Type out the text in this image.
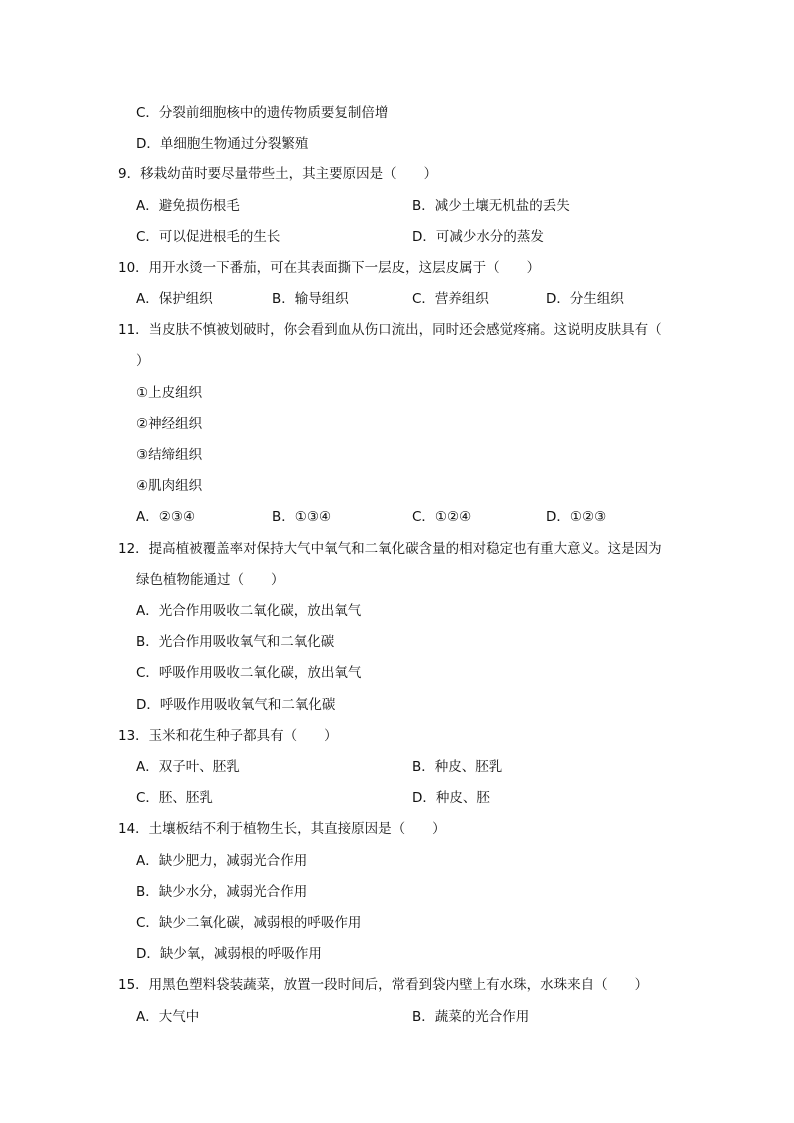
C．分裂前细胞核中的遗传物质要复制倍增
D．单细胞生物通过分裂繁殖
9．移栽幼苗时要尽量带些土，其主要原因是（　　）
A．避免损伤根毛	B．减少土壤无机盐的丢失
C．可以促进根毛的生长	D．可减少水分的蒸发
10．用开水烫一下番茄，可在其表面撕下一层皮，这层皮属于（　　）
A．保护组织	B．输导组织	C．营养组织	D．分生组织
11．当皮肤不慎被划破时，你会看到血从伤口流出，同时还会感觉疼痛。这说明皮肤具有（
）
①上皮组织
②神经组织
③结缔组织
④肌肉组织
A．②③④	B．①③④	C．①②④	D．①②③
12．提高植被覆盖率对保持大气中氧气和二氧化碳含量的相对稳定也有重大意义。这是因为
绿色植物能通过（　　）
A．光合作用吸收二氧化碳，放出氧气
B．光合作用吸收氧气和二氧化碳
C．呼吸作用吸收二氧化碳，放出氧气
D．呼吸作用吸收氧气和二氧化碳
13．玉米和花生种子都具有（　　）
A．双子叶、胚乳	B．种皮、胚乳
C．胚、胚乳	D．种皮、胚
14．土壤板结不利于植物生长，其直接原因是（　　）
A．缺少肥力，减弱光合作用
B．缺少水分，减弱光合作用
C．缺少二氧化碳，减弱根的呼吸作用
D．缺少氧，减弱根的呼吸作用
15．用黑色塑料袋装蔬菜，放置一段时间后，常看到袋内壁上有水珠，水珠来自（　　）
A．大气中	B．蔬菜的光合作用
